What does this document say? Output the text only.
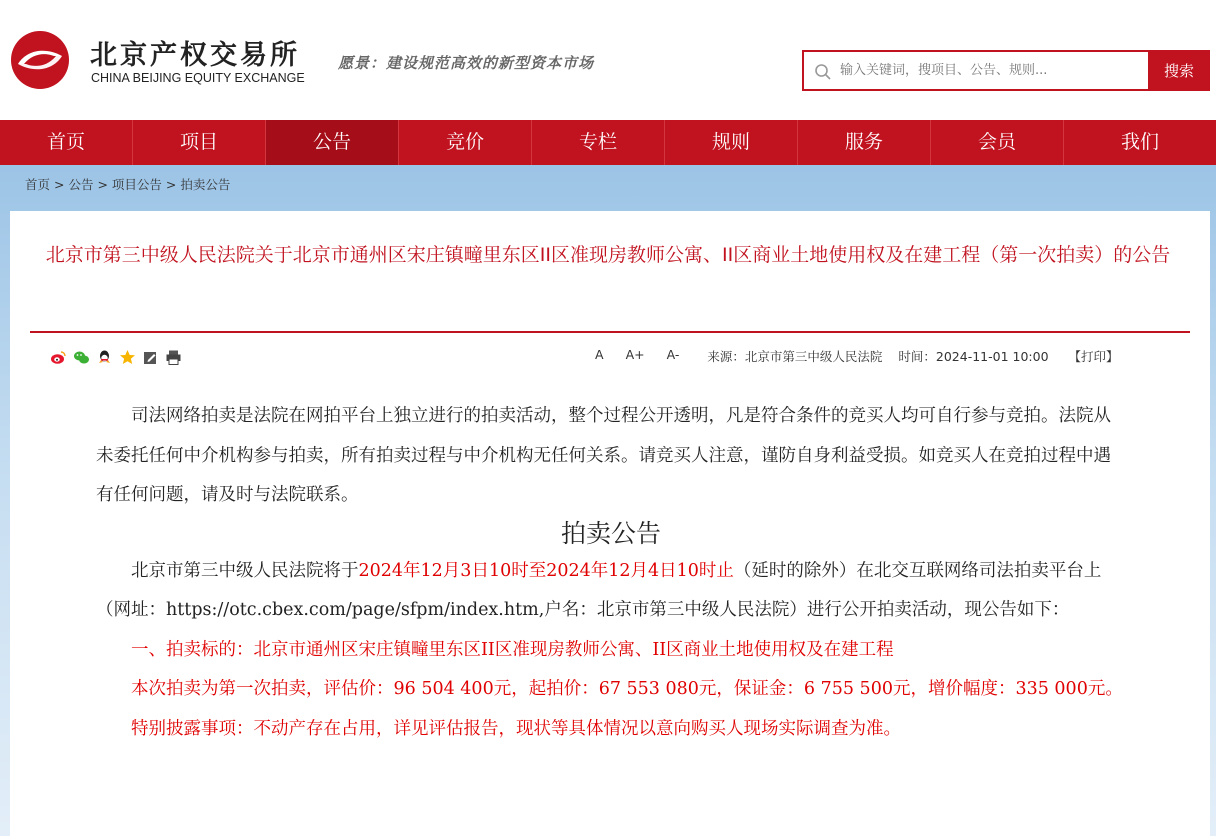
北京产权交易所
CHINA BEIJING EQUITY EXCHANGE
愿景：建设规范高效的新型资本市场
输入关键词，搜项目、公告、规则...	搜索
首页	项目	公告	竞价	专栏	规则	服务	会员	我们
首页 > 公告 > 项目公告 > 拍卖公告
北京市第三中级人民法院关于北京市通州区宋庄镇疃里东区II区准现房教师公寓、II区商业土地使用权及在建工程（第一次拍卖）的公告
A A+ A- 来源：北京市第三中级人民法院 时间：2024-11-01 10:00 【打印】

司法网络拍卖是法院在网拍平台上独立进行的拍卖活动，整个过程公开透明，凡是符合条件的竞买人均可自行参与竞拍。法院从未委托任何中介机构参与拍卖，所有拍卖过程与中介机构无任何关系。请竞买人注意，谨防自身利益受损。如竞买人在竞拍过程中遇有任何问题，请及时与法院联系。

拍卖公告

北京市第三中级人民法院将于2024年12月3日10时至2024年12月4日10时止（延时的除外）在北交互联网络司法拍卖平台上（网址：https://otc.cbex.com/page/sfpm/index.htm,户名：北京市第三中级人民法院）进行公开拍卖活动，现公告如下：

一、拍卖标的：北京市通州区宋庄镇疃里东区II区准现房教师公寓、II区商业土地使用权及在建工程

本次拍卖为第一次拍卖，评估价：96 504 400元，起拍价：67 553 080元，保证金：6 755 500元，增价幅度：335 000元。

特别披露事项：不动产存在占用，详见评估报告，现状等具体情况以意向购买人现场实际调查为准。
